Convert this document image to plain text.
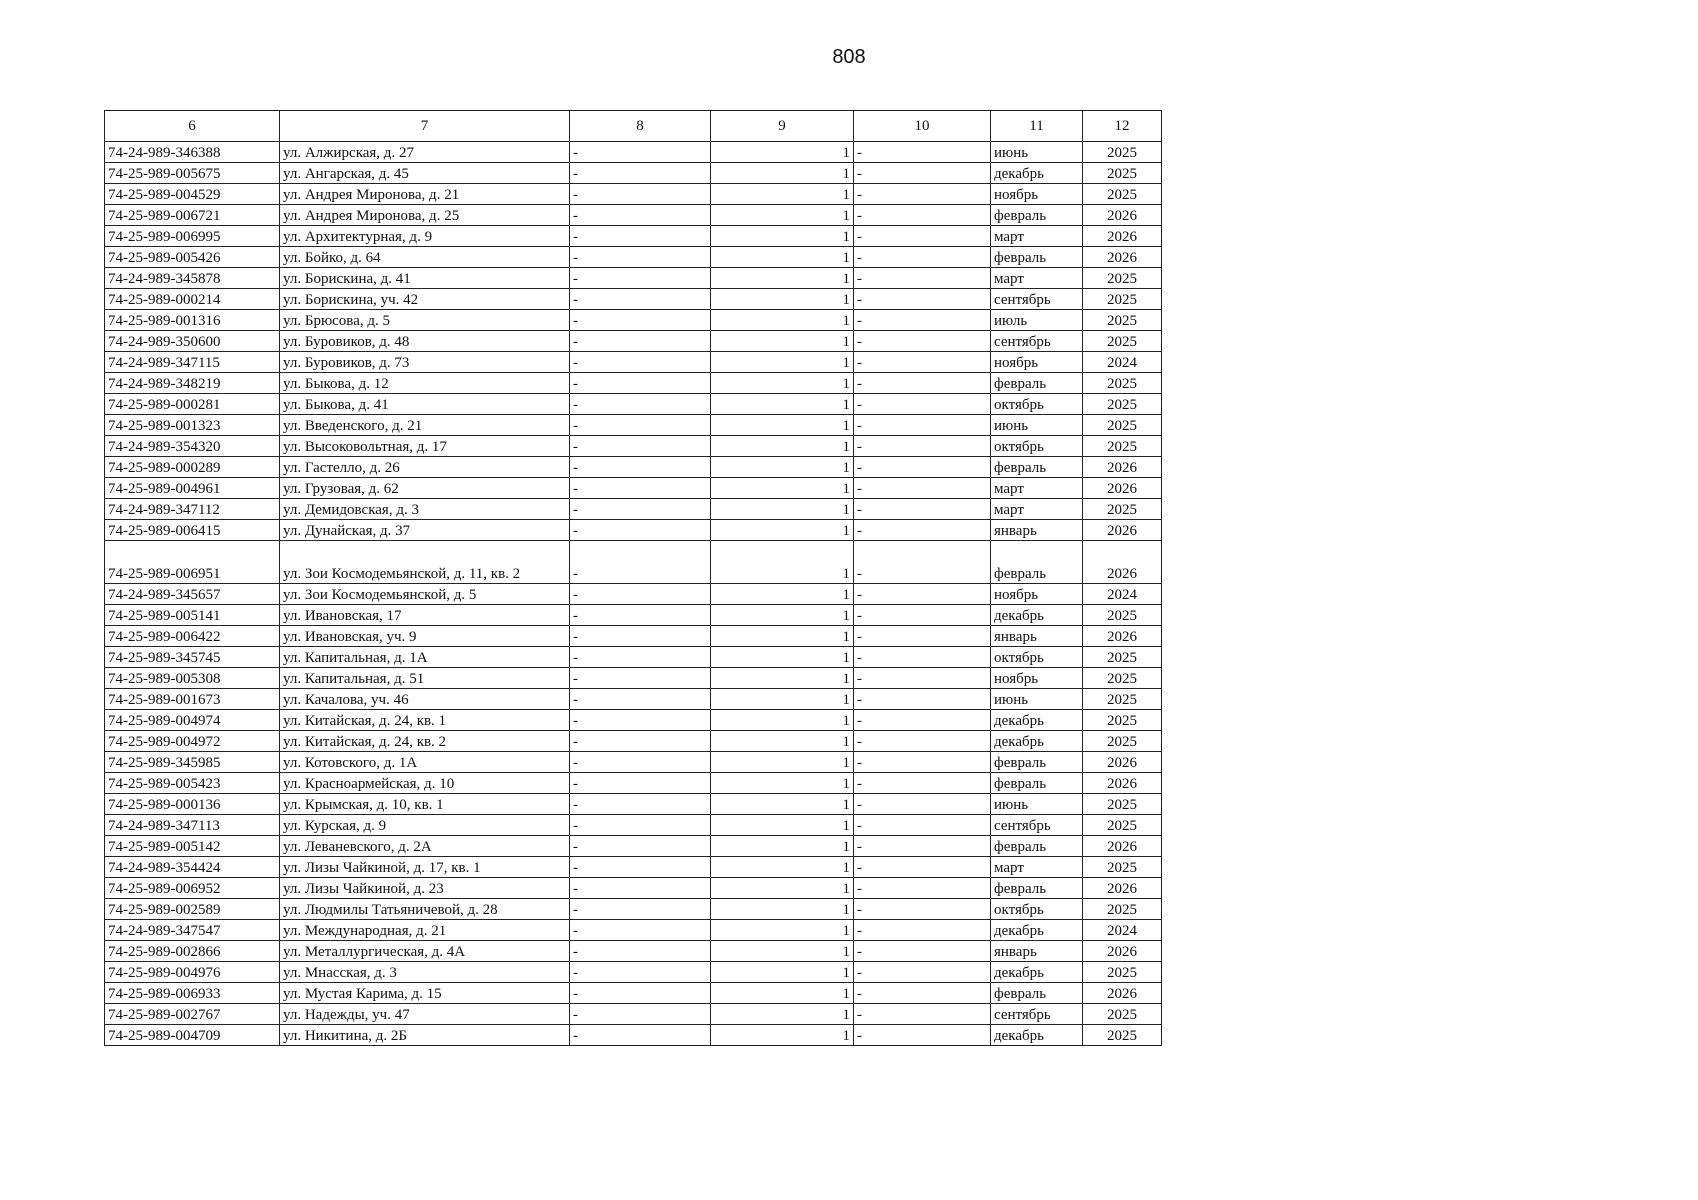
808
6	7	8	9	10	11	12
74-24-989-346388	ул. Алжирская, д. 27	-	1	-	июнь	2025
74-25-989-005675	ул. Ангарская, д. 45	-	1	-	декабрь	2025
74-25-989-004529	ул. Андрея Миронова, д. 21	-	1	-	ноябрь	2025
74-25-989-006721	ул. Андрея Миронова, д. 25	-	1	-	февраль	2026
74-25-989-006995	ул. Архитектурная, д. 9	-	1	-	март	2026
74-25-989-005426	ул. Бойко, д. 64	-	1	-	февраль	2026
74-24-989-345878	ул. Борискина, д. 41	-	1	-	март	2025
74-25-989-000214	ул. Борискина, уч. 42	-	1	-	сентябрь	2025
74-25-989-001316	ул. Брюсова, д. 5	-	1	-	июль	2025
74-24-989-350600	ул. Буровиков, д. 48	-	1	-	сентябрь	2025
74-24-989-347115	ул. Буровиков, д. 73	-	1	-	ноябрь	2024
74-24-989-348219	ул. Быкова, д. 12	-	1	-	февраль	2025
74-25-989-000281	ул. Быкова, д. 41	-	1	-	октябрь	2025
74-25-989-001323	ул. Введенского, д. 21	-	1	-	июнь	2025
74-24-989-354320	ул. Высоковольтная, д. 17	-	1	-	октябрь	2025
74-25-989-000289	ул. Гастелло, д. 26	-	1	-	февраль	2026
74-25-989-004961	ул. Грузовая, д. 62	-	1	-	март	2026
74-24-989-347112	ул. Демидовская, д. 3	-	1	-	март	2025
74-25-989-006415	ул. Дунайская, д. 37	-	1	-	январь	2026
74-25-989-006951	ул. Зои Космодемьянской, д. 11, кв. 2	-	1	-	февраль	2026
74-24-989-345657	ул. Зои Космодемьянской, д. 5	-	1	-	ноябрь	2024
74-25-989-005141	ул. Ивановская, 17	-	1	-	декабрь	2025
74-25-989-006422	ул. Ивановская, уч. 9	-	1	-	январь	2026
74-25-989-345745	ул. Капитальная, д. 1А	-	1	-	октябрь	2025
74-25-989-005308	ул. Капитальная, д. 51	-	1	-	ноябрь	2025
74-25-989-001673	ул. Качалова, уч. 46	-	1	-	июнь	2025
74-25-989-004974	ул. Китайская, д. 24, кв. 1	-	1	-	декабрь	2025
74-25-989-004972	ул. Китайская, д. 24, кв. 2	-	1	-	декабрь	2025
74-25-989-345985	ул. Котовского, д. 1А	-	1	-	февраль	2026
74-25-989-005423	ул. Красноармейская, д. 10	-	1	-	февраль	2026
74-25-989-000136	ул. Крымская, д. 10, кв. 1	-	1	-	июнь	2025
74-24-989-347113	ул. Курская, д. 9	-	1	-	сентябрь	2025
74-25-989-005142	ул. Леваневского, д. 2А	-	1	-	февраль	2026
74-24-989-354424	ул. Лизы Чайкиной, д. 17, кв. 1	-	1	-	март	2025
74-25-989-006952	ул. Лизы Чайкиной, д. 23	-	1	-	февраль	2026
74-25-989-002589	ул. Людмилы Татьяничевой, д. 28	-	1	-	октябрь	2025
74-24-989-347547	ул. Международная, д. 21	-	1	-	декабрь	2024
74-25-989-002866	ул. Металлургическая, д. 4А	-	1	-	январь	2026
74-25-989-004976	ул. Мнасская, д. 3	-	1	-	декабрь	2025
74-25-989-006933	ул. Мустая Карима, д. 15	-	1	-	февраль	2026
74-25-989-002767	ул. Надежды, уч. 47	-	1	-	сентябрь	2025
74-25-989-004709	ул. Никитина, д. 2Б	-	1	-	декабрь	2025
